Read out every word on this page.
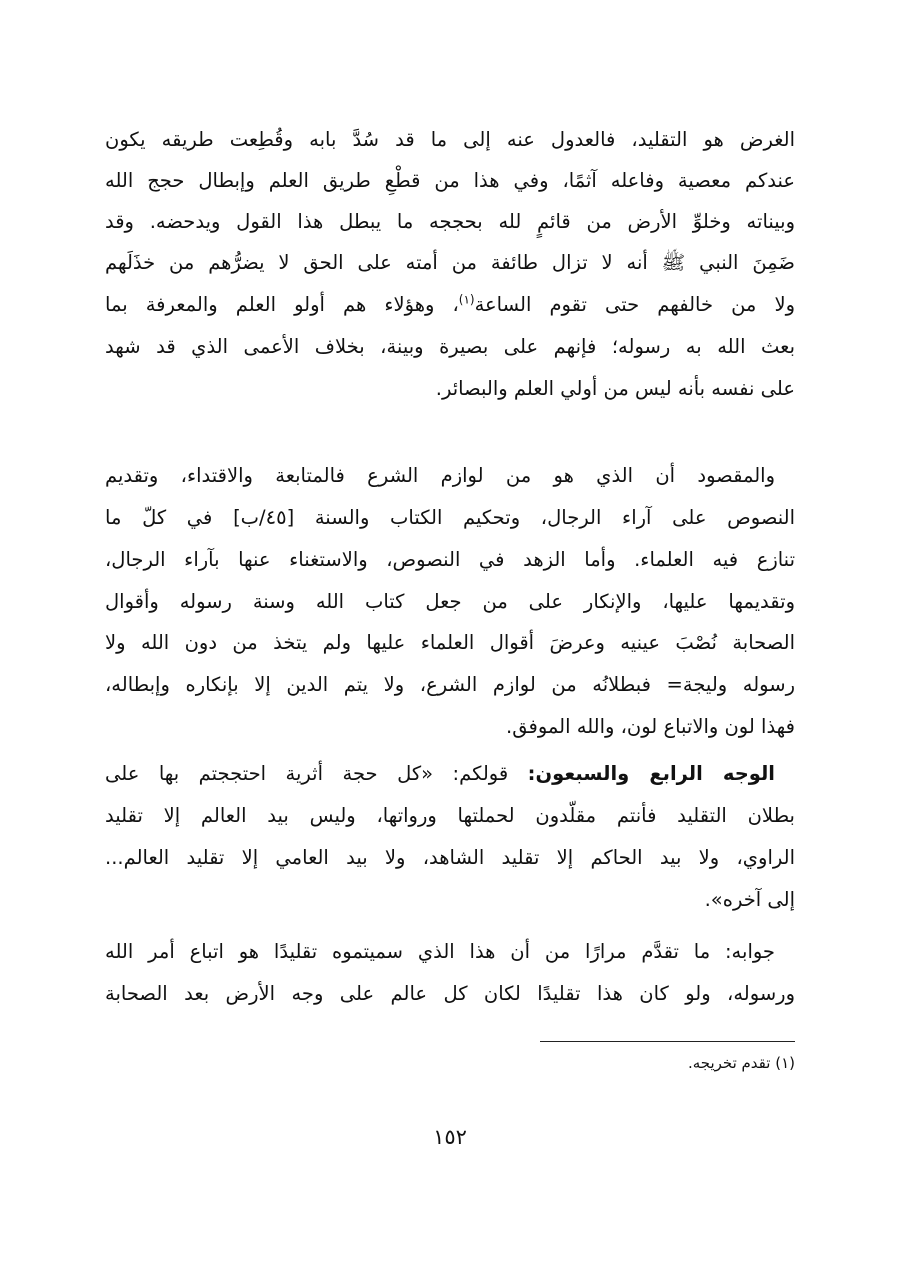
الغرض هو التقليد، فالعدول عنه إلى ما قد سُدَّ بابه وقُطِعت طريقه يكون
عندكم معصية وفاعله آثمًا، وفي هذا من قطْعِ طريق العلم وإبطال حجج الله
وبيناته وخلوِّ الأرض من قائمٍ لله بحججه ما يبطل هذا القول ويدحضه. وقد
ضَمِنَ النبي ﷺ أنه لا تزال طائفة من أمته على الحق لا يضرُّهم من خذَلَهم
ولا من خالفهم حتى تقوم الساعة$^{(١)}$، وهؤلاء هم أولو العلم والمعرفة بما
بعث الله به رسوله؛ فإنهم على بصيرة وبينة، بخلاف الأعمى الذي قد شهد
على نفسه بأنه ليس من أولي العلم والبصائر.
والمقصود أن الذي هو من لوازم الشرع فالمتابعة والاقتداء، وتقديم
النصوص على آراء الرجال، وتحكيم الكتاب والسنة [٤٥/ب] في كلّ ما
تنازع فيه العلماء. وأما الزهد في النصوص، والاستغناء عنها بآراء الرجال،
وتقديمها عليها، والإنكار على من جعل كتاب الله وسنة رسوله وأقوال
الصحابة نُصْبَ عينيه وعرضَ أقوال العلماء عليها ولم يتخذ من دون الله ولا
رسوله وليجة= فبطلانُه من لوازم الشرع، ولا يتم الدين إلا بإنكاره وإبطاله،
فهذا لون والاتباع لون، والله الموفق.
الوجه الرابع والسبعون: قولكم: «كل حجة أثرية احتججتم بها على
بطلان التقليد فأنتم مقلّدون لحملتها ورواتها، وليس بيد العالم إلا تقليد
الراوي، ولا بيد الحاكم إلا تقليد الشاهد، ولا بيد العامي إلا تقليد العالم...
إلى آخره».
جوابه: ما تقدَّم مرارًا من أن هذا الذي سميتموه تقليدًا هو اتباع أمر الله
ورسوله، ولو كان هذا تقليدًا لكان كل عالم على وجه الأرض بعد الصحابة
(١) تقدم تخريجه.
١٥٢
